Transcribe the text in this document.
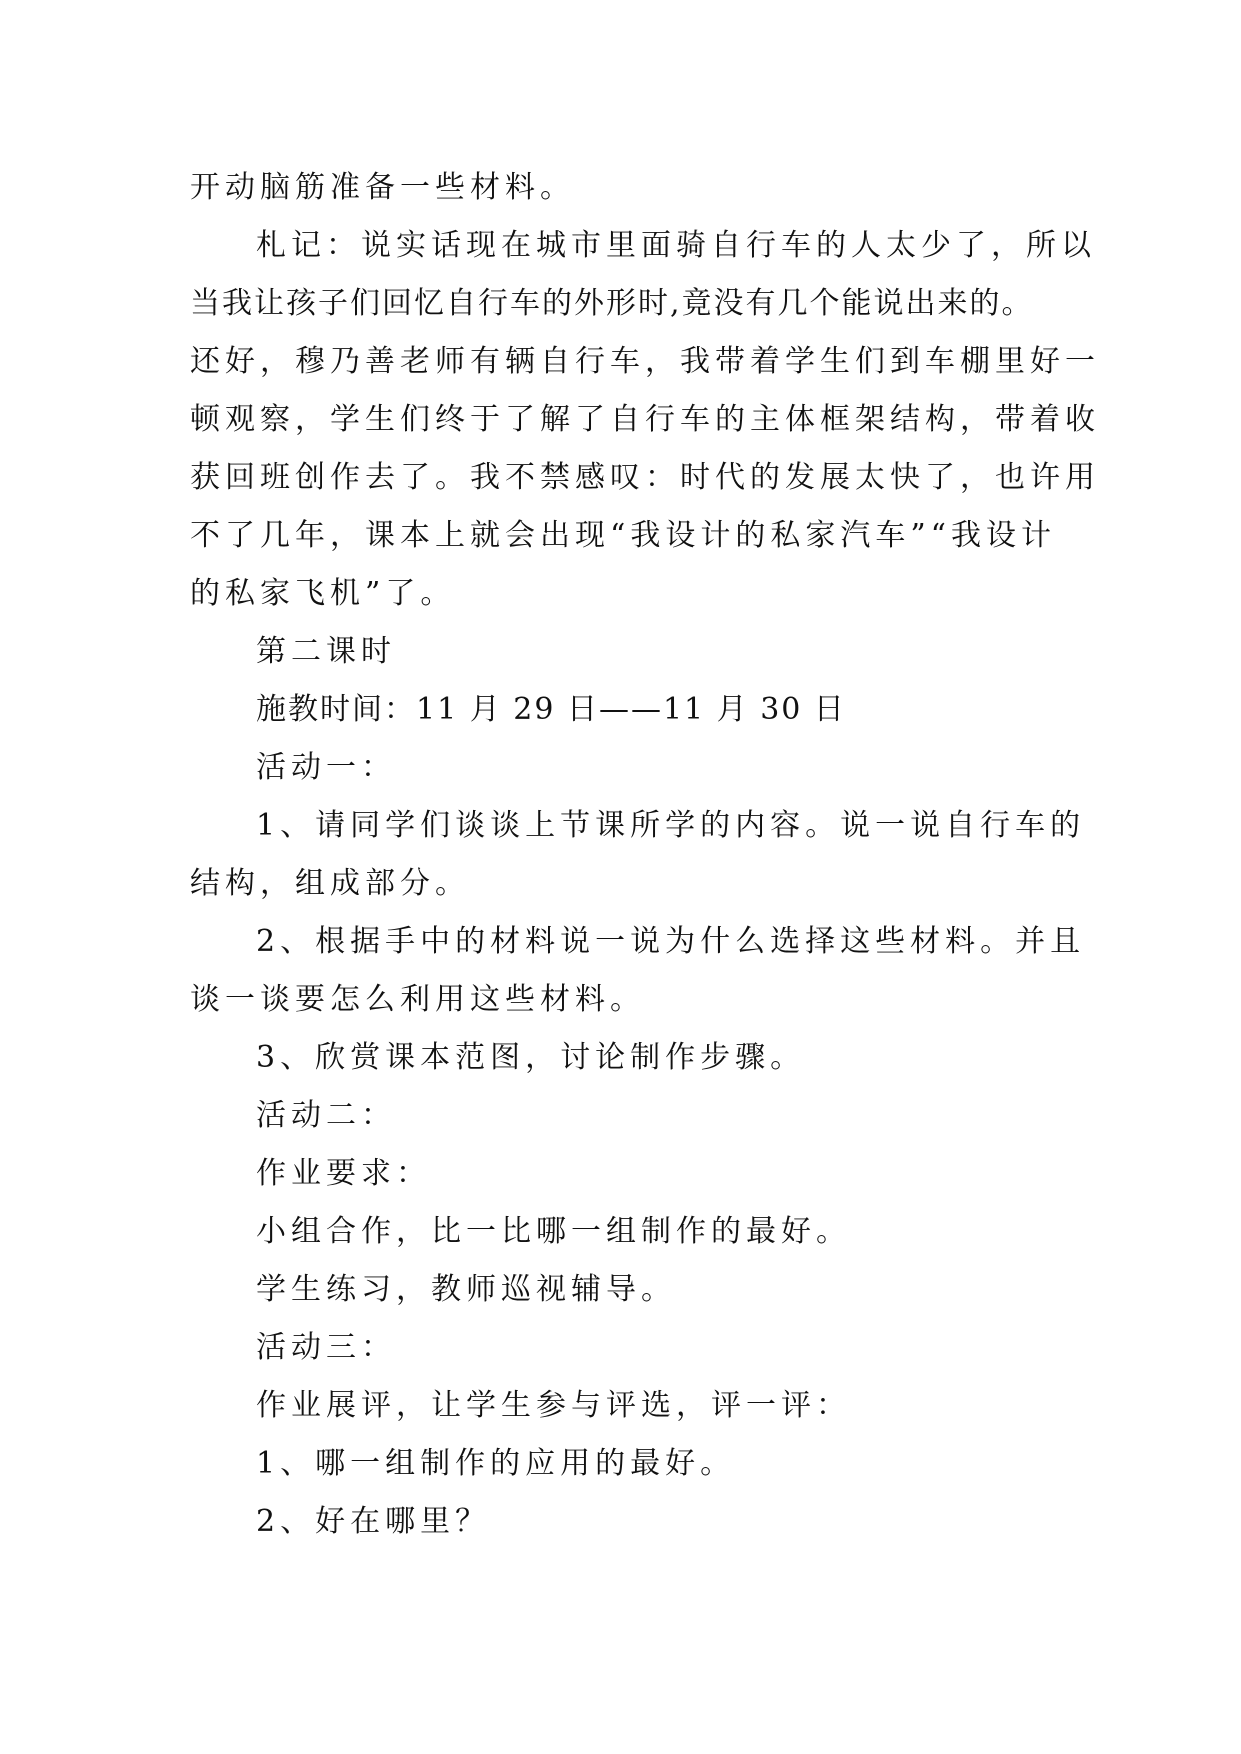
开动脑筋准备一些材料。
札记：说实话现在城市里面骑自行车的人太少了，所以
当我让孩子们回忆自行车的外形时,竟没有几个能说出来的。
还好，穆乃善老师有辆自行车，我带着学生们到车棚里好一
顿观察，学生们终于了解了自行车的主体框架结构，带着收
获回班创作去了。我不禁感叹：时代的发展太快了，也许用
不了几年，课本上就会出现“我设计的私家汽车”“我设计
的私家飞机”了。
第二课时
施教时间：11 月 29 日——11 月 30 日
活动一：
1、请同学们谈谈上节课所学的内容。说一说自行车的
结构，组成部分。
2、根据手中的材料说一说为什么选择这些材料。并且
谈一谈要怎么利用这些材料。
3、欣赏课本范图，讨论制作步骤。
活动二：
作业要求：
小组合作，比一比哪一组制作的最好。
学生练习，教师巡视辅导。
活动三：
作业展评，让学生参与评选，评一评：
1、哪一组制作的应用的最好。
2、好在哪里？
